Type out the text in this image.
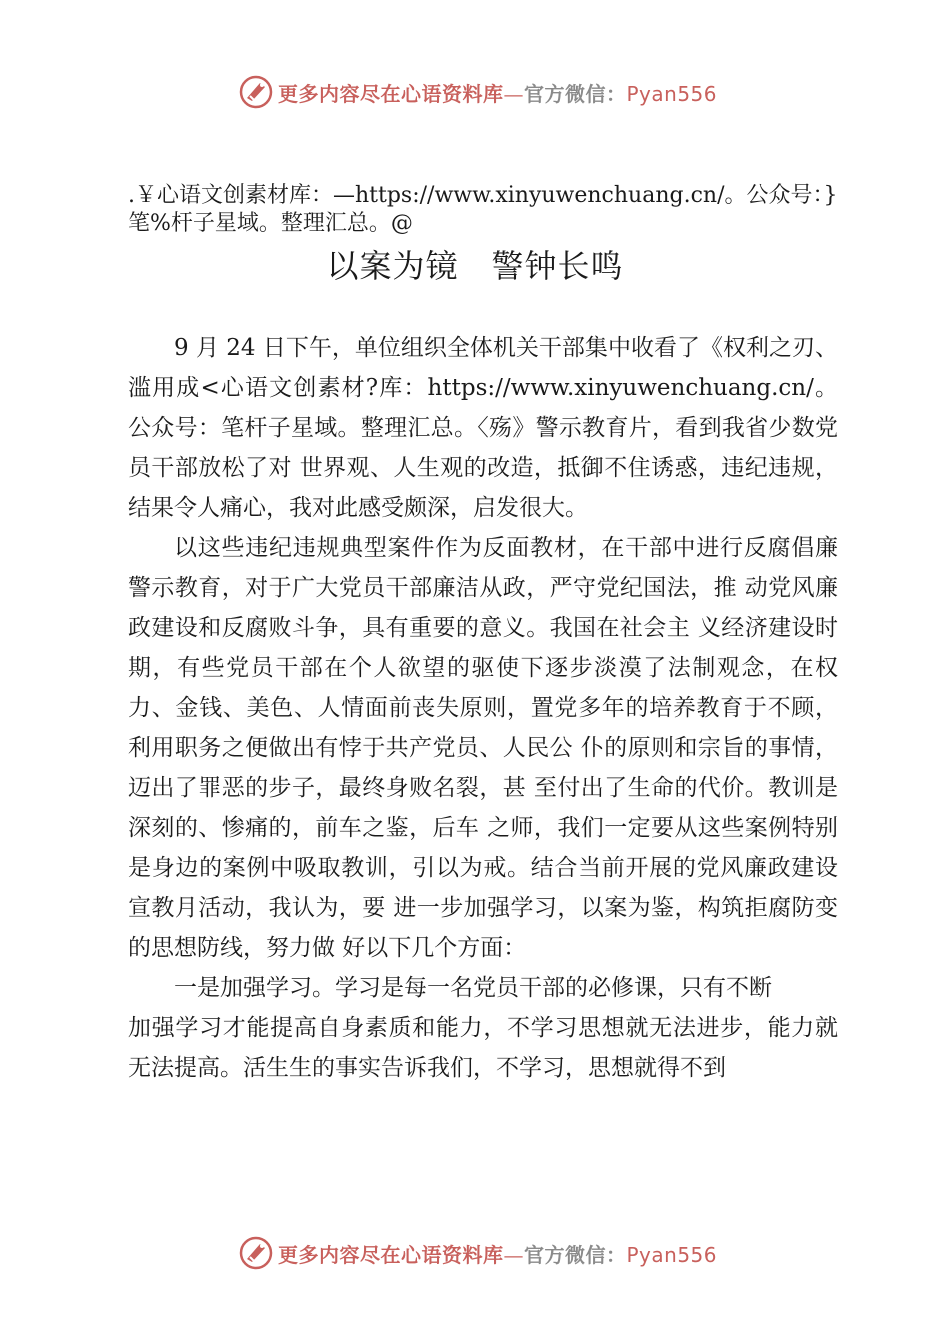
更多内容尽在心语资料库—官方微信：Pyan556

.￥心语文创素材库：—https://www.xinyuwenchuang.cn/。公众号：}笔%杆子星域。整理汇总。@

以案为镜　警钟长鸣

9 月 24 日下午，单位组织全体机关干部集中收看了《权利之刃、滥用成<心语文创素材?库：https://www.xinyuwenchuang.cn/。公众号：笔杆子星域。整理汇总。〈殇》警示教育片，看到我省少数党员干部放松了对 世界观、人生观的改造，抵御不住诱惑，违纪违规，结果令人痛心，我对此感受颇深，启发很大。

以这些违纪违规典型案件作为反面教材，在干部中进行反腐倡廉警示教育，对于广大党员干部廉洁从政，严守党纪国法，推 动党风廉政建设和反腐败斗争，具有重要的意义。我国在社会主 义经济建设时期，有些党员干部在个人欲望的驱使下逐步淡漠了法制观念，在权力、金钱、美色、人情面前丧失原则，置党多年的培养教育于不顾，利用职务之便做出有悖于共产党员、人民公 仆的原则和宗旨的事情，迈出了罪恶的步子，最终身败名裂，甚 至付出了生命的代价。教训是深刻的、惨痛的，前车之鉴，后车 之师，我们一定要从这些案例特别是身边的案例中吸取教训，引以为戒。结合当前开展的党风廉政建设宣教月活动，我认为，要 进一步加强学习，以案为鉴，构筑拒腐防变的思想防线，努力做 好以下几个方面：

一是加强学习。学习是每一名党员干部的必修课，只有不断

加强学习才能提高自身素质和能力，不学习思想就无法进步，能力就无法提高。活生生的事实告诉我们，不学习，思想就得不到

更多内容尽在心语资料库—官方微信：Pyan556
